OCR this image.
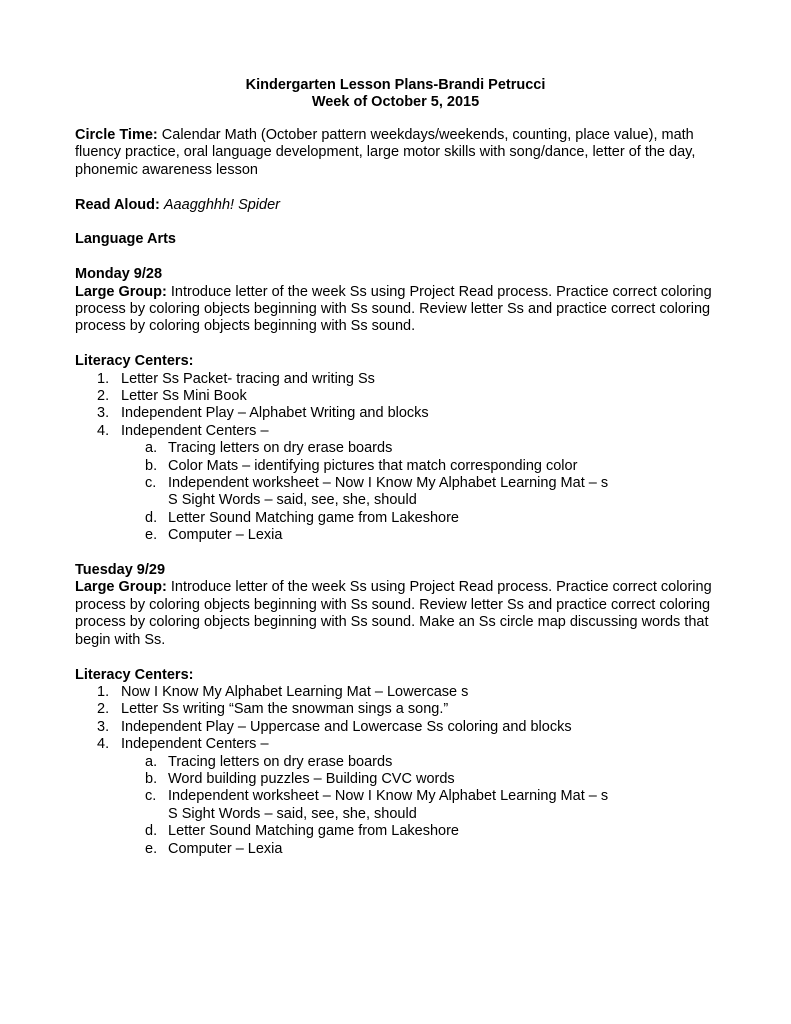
Kindergarten Lesson Plans-Brandi Petrucci
Week of October 5, 2015

Circle Time: Calendar Math (October pattern weekdays/weekends, counting, place value), math fluency practice, oral language development, large motor skills with song/dance, letter of the day, phonemic awareness lesson

Read Aloud: Aaagghhh! Spider

Language Arts

Monday 9/28

Large Group: Introduce letter of the week Ss using Project Read process. Practice correct coloring process by coloring objects beginning with Ss sound. Review letter Ss and practice correct coloring process by coloring objects beginning with Ss sound.

Literacy Centers:

1. Letter Ss Packet- tracing and writing Ss
2. Letter Ss Mini Book
3. Independent Play – Alphabet Writing and blocks
4. Independent Centers –
a. Tracing letters on dry erase boards
b. Color Mats – identifying pictures that match corresponding color
c. Independent worksheet – Now I Know My Alphabet Learning Mat – s
S Sight Words – said, see, she, should
d. Letter Sound Matching game from Lakeshore
e. Computer – Lexia

Tuesday 9/29

Large Group: Introduce letter of the week Ss using Project Read process. Practice correct coloring process by coloring objects beginning with Ss sound. Review letter Ss and practice correct coloring process by coloring objects beginning with Ss sound. Make an Ss circle map discussing words that begin with Ss.

Literacy Centers:

1. Now I Know My Alphabet Learning Mat – Lowercase s
2. Letter Ss writing “Sam the snowman sings a song.”
3. Independent Play – Uppercase and Lowercase Ss coloring and blocks
4. Independent Centers –
a. Tracing letters on dry erase boards
b. Word building puzzles – Building CVC words
c. Independent worksheet – Now I Know My Alphabet Learning Mat – s
S Sight Words – said, see, she, should
d. Letter Sound Matching game from Lakeshore
e. Computer – Lexia
